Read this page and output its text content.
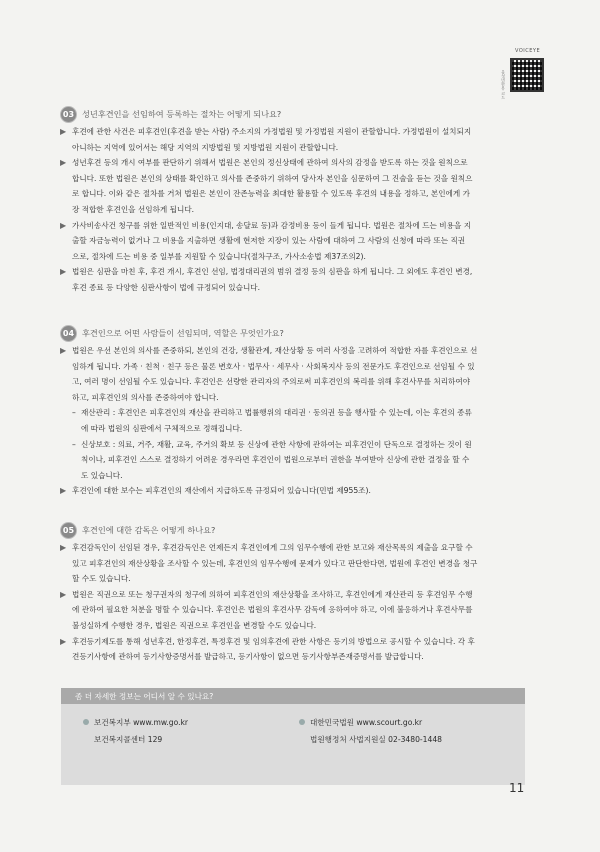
VOICEYE
음성변환용 코드
03 성년후견인을 선임하여 등록하는 절차는 어떻게 되나요?
▶ 후견에 관한 사건은 피후견인(후견을 받는 사람) 주소지의 가정법원 및 가정법원 지원이 관할합니다. 가정법원이 설치되지
아니하는 지역에 있어서는 해당 지역의 지방법원 및 지방법원 지원이 관할합니다.
▶ 성년후견 등의 개시 여부를 판단하기 위해서 법원은 본인의 정신상태에 관하여 의사의 감정을 받도록 하는 것을 원칙으로
합니다. 또한 법원은 본인의 상태를 확인하고 의사를 존중하기 위하여 당사자 본인을 심문하여 그 진술을 듣는 것을 원칙으
로 합니다. 이와 같은 절차를 거쳐 법원은 본인이 잔존능력을 최대한 활용할 수 있도록 후견의 내용을 정하고, 본인에게 가
장 적합한 후견인을 선임하게 됩니다.
▶ 가사비송사건 청구를 위한 일반적인 비용(인지대, 송달료 등)과 감정비용 등이 들게 됩니다. 법원은 절차에 드는 비용을 지
출할 자금능력이 없거나 그 비용을 지출하면 생활에 현저한 지장이 있는 사람에 대하여 그 사람의 신청에 따라 또는 직권
으로, 절차에 드는 비용 중 일부를 지원할 수 있습니다(절차구조, 가사소송법 제37조의2).
▶ 법원은 심판을 마친 후, 후견 개시, 후견인 선임, 법정대리권의 범위 결정 등의 심판을 하게 됩니다. 그 외에도 후견인 변경,
후견 종료 등 다양한 심판사항이 법에 규정되어 있습니다.
04 후견인으로 어떤 사람들이 선임되며, 역할은 무엇인가요?
▶ 법원은 우선 본인의 의사를 존중하되, 본인의 건강, 생활관계, 재산상황 등 여러 사정을 고려하여 적합한 자를 후견인으로 선
임하게 됩니다. 가족 · 친척 · 친구 등은 물론 변호사 · 법무사 · 세무사 · 사회복지사 등의 전문가도 후견인으로 선임될 수 있
고, 여러 명이 선임될 수도 있습니다. 후견인은 선량한 관리자의 주의로써 피후견인의 복리를 위해 후견사무를 처리하여야
하고, 피후견인의 의사를 존중하여야 합니다.
– 재산관리 : 후견인은 피후견인의 재산을 관리하고 법률행위의 대리권 · 동의권 등을 행사할 수 있는데, 이는 후견의 종류
에 따라 법원의 심판에서 구체적으로 정해집니다.
– 신상보호 : 의료, 거주, 재활, 교육, 주거의 확보 등 신상에 관한 사항에 관하여는 피후견인이 단독으로 결정하는 것이 원
칙이나, 피후견인 스스로 결정하기 어려운 경우라면 후견인이 법원으로부터 권한을 부여받아 신상에 관한 결정을 할 수
도 있습니다.
▶ 후견인에 대한 보수는 피후견인의 재산에서 지급하도록 규정되어 있습니다(민법 제955조).
05 후견인에 대한 감독은 어떻게 하나요?
▶ 후견감독인이 선임된 경우, 후견감독인은 언제든지 후견인에게 그의 임무수행에 관한 보고와 재산목록의 제출을 요구할 수
있고 피후견인의 재산상황을 조사할 수 있는데, 후견인의 임무수행에 문제가 있다고 판단한다면, 법원에 후견인 변경을 청구
할 수도 있습니다.
▶ 법원은 직권으로 또는 청구권자의 청구에 의하여 피후견인의 재산상황을 조사하고, 후견인에게 재산관리 등 후견임무 수행
에 관하여 필요한 처분을 명할 수 있습니다. 후견인은 법원의 후견사무 감독에 응하여야 하고, 이에 불응하거나 후견사무를
불성실하게 수행한 경우, 법원은 직권으로 후견인을 변경할 수도 있습니다.
▶ 후견등기제도를 통해 성년후견, 한정후견, 특정후견 및 임의후견에 관한 사항은 등기의 방법으로 공시할 수 있습니다. 각 후
견등기사항에 관하여 등기사항증명서를 발급하고, 등기사항이 없으면 등기사항부존재증명서를 발급합니다.
좀 더 자세한 정보는 어디서 알 수 있나요?
보건복지부 www.mw.go.kr
보건복지콜센터 129
대한민국법원 www.scourt.go.kr
법원행정처 사법지원실 02-3480-1448
11
